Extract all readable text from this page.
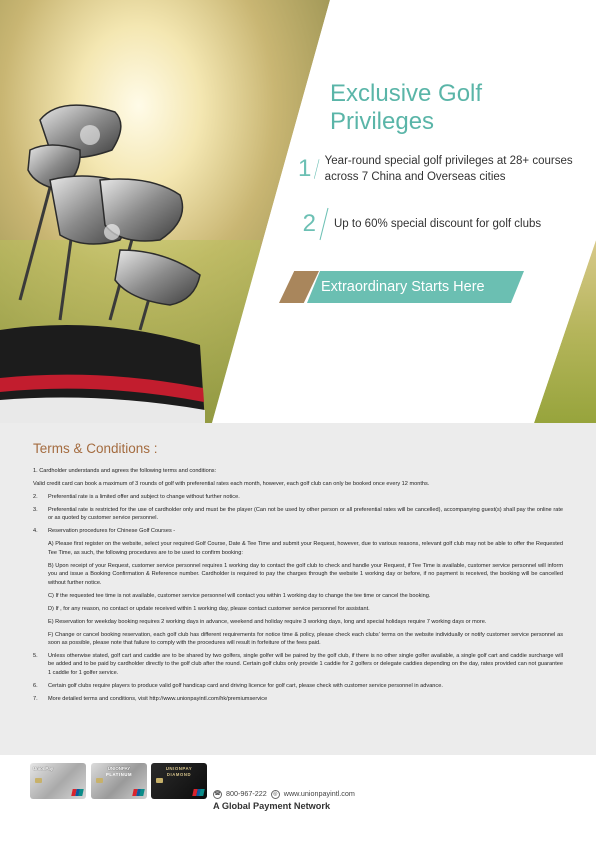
Exclusive Golf Privileges
1 Year-round special golf privileges at 28+ courses across 7 China and Overseas cities
2 Up to 60% special discount for golf clubs
Extraordinary Starts Here
Terms & Conditions :
1. Cardholder understands and agrees the following terms and conditions:
Valid credit card can book a maximum of 3 rounds of golf with preferential rates each month, however, each golf club can only be booked once every 12 months.
2.	Preferential rate is a limited offer and subject to change without further notice.
3.	Preferential rate is restricted for the use of cardholder only and must be the player (Can not be used by other person or all preferential rates will be cancelled), accompanying guest(s) shall pay the online rate or as quoted by customer service personnel.
4.	Reservation procedures for Chinese Golf Courses -
A) Please first register on the website, select your required Golf Course, Date & Tee Time and submit your Request, however, due to various reasons, relevant golf club may not be able to offer the Requested Tee Time, as such, the following procedures are to be used to confirm booking:
B) Upon receipt of your Request, customer service personnel requires 1 working day to contact the golf club to check and handle your Request, if Tee Time is available, customer service personnel will inform you and issue a Booking Confirmation & Reference number. Cardholder is required to pay the charges through the website 1 working day or before, if no payment is received, the booking will be cancelled without further notice.
C) If the requested tee time is not available, customer service personnel will contact you within 1 working day to change the tee time or cancel the booking.
D) If , for any reason, no contact or update received within 1 working day, please contact customer service personnel for assistant.
E) Reservation for weekday booking requires 2 working days in advance, weekend and holiday require 3 working days, long and special holidays require 7 working days or more.
F) Change or cancel booking reservation, each golf club has different requirements for notice time & policy, please check each clubs' terms on the website individually or notify customer service personnel as soon as possible, please note that failure to comply with the procedures will result in forfeiture of the fees paid.
5.	Unless otherwise stated, golf cart and caddie are to be shared by two golfers, single golfer will be paired by the golf club, if there is no other single golfer available, a single golf cart and caddie surcharge will be added and to be paid by cardholder directly to the golf club after the round. Certain golf clubs only provide 1 caddie for 2 golfers or delegate caddies depending on the day, rates provided can not guarantee 1 caddie for 1 golfer service.
6.	Certain golf clubs require players to produce valid golf handicap card and driving licence for golf cart, please check with customer service personnel in advance.
7.	More detailed terms and conditions, visit http://www.unionpayintl.com/hk/premiumservice
UnionPay	UNIONPAY
PLATINUM
UNIONPAY
DIAMOND
☎ 800-967-222 ◎ www.unionpayintl.com
A Global Payment Network
